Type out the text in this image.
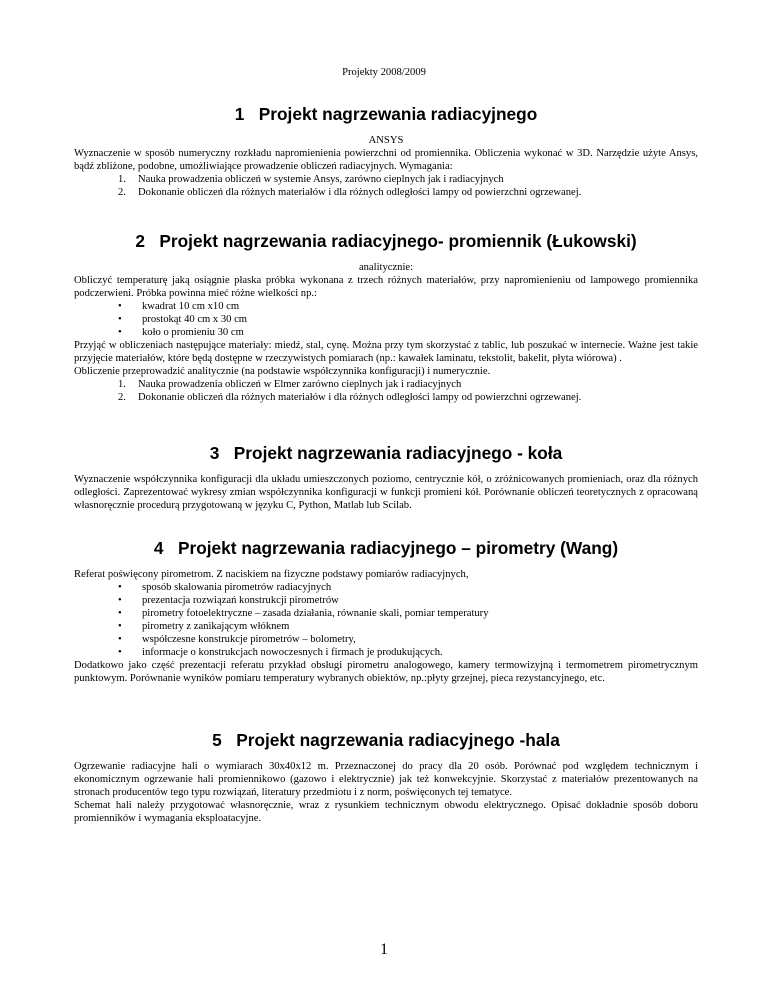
Projekty 2008/2009
1 Projekt nagrzewania radiacyjnego
ANSYS

Wyznaczenie w sposób numeryczny rozkładu napromienienia powierzchni od promiennika. Obliczenia wykonać w 3D. Narzędzie użyte Ansys, bądź zbliżone, podobne, umożliwiające prowadzenie obliczeń radiacyjnych. Wymagania:

1.	Nauka prowadzenia obliczeń w systemie Ansys, zarówno cieplnych jak i radiacyjnych
2.	Dokonanie obliczeń dla różnych materiałów i dla różnych odległości lampy od powierzchni ogrzewanej.
2 Projekt nagrzewania radiacyjnego- promiennik (Łukowski)
analitycznie:

Obliczyć temperaturę jaką osiągnie płaska próbka wykonana z trzech różnych materiałów, przy napromienieniu od lampowego promiennika podczerwieni. Próbka powinna mieć różne wielkości np.:

•	kwadrat 10 cm x10 cm
•	prostokąt 40 cm x 30 cm
•	koło o promieniu 30 cm

Przyjąć w obliczeniach następujące materiały: miedź, stal, cynę. Można przy tym skorzystać z tablic, lub poszukać w internecie. Ważne jest takie przyjęcie materiałów, które będą dostępne w rzeczywistych pomiarach (np.: kawałek laminatu, tekstolit, bakelit, płyta wiórowa) .

Obliczenie przeprowadzić analitycznie (na podstawie współczynnika konfiguracji) i numerycznie.

1.	Nauka prowadzenia obliczeń w Elmer zarówno cieplnych jak i radiacyjnych
2.	Dokonanie obliczeń dla różnych materiałów i dla różnych odległości lampy od powierzchni ogrzewanej.
3 Projekt nagrzewania radiacyjnego - koła

Wyznaczenie współczynnika konfiguracji dla układu umieszczonych poziomo, centrycznie kół, o zróżnicowanych promieniach, oraz dla różnych odległości. Zaprezentować wykresy zmian współczynnika konfiguracji w funkcji promieni kół. Porównanie obliczeń teoretycznych z opracowaną własnoręcznie procedurą przygotowaną w języku C, Python, Matlab lub Scilab.

4 Projekt nagrzewania radiacyjnego – pirometry (Wang)

Referat poświęcony pirometrom. Z naciskiem na fizyczne podstawy pomiarów radiacyjnych,

•	sposób skalowania pirometrów radiacyjnych
•	prezentacja rozwiązań konstrukcji pirometrów
•	pirometry fotoelektryczne – zasada działania, równanie skali, pomiar temperatury
•	pirometry z zanikającym włóknem
•	współczesne konstrukcje pirometrów – bolometry,
•	informacje o konstrukcjach nowoczesnych i firmach je produkujących.

Dodatkowo jako część prezentacji referatu przykład obsługi pirometru analogowego, kamery termowizyjną i termometrem pirometrycznym punktowym. Porównanie wyników pomiaru temperatury wybranych obiektów, np.:płyty grzejnej, pieca rezystancyjnego, etc.

5 Projekt nagrzewania radiacyjnego -hala

Ogrzewanie radiacyjne hali o wymiarach 30x40x12 m. Przeznaczonej do pracy dla 20 osób. Porównać pod względem technicznym i ekonomicznym ogrzewanie hali promiennikowo (gazowo i elektrycznie) jak też konwekcyjnie. Skorzystać z materiałów prezentowanych na stronach producentów tego typu rozwiązań, literatury przedmiotu i z norm, poświęconych tej tematyce.

Schemat hali należy przygotować własnoręcznie, wraz z rysunkiem technicznym obwodu elektrycznego. Opisać dokładnie sposób doboru promienników i wymagania eksploatacyjne.

1
